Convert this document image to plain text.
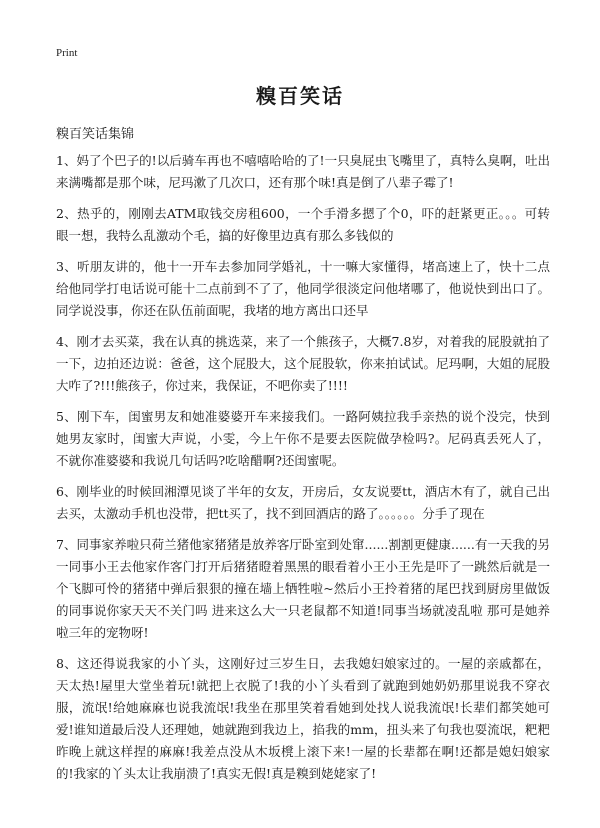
Print
糗百笑话

糗百笑话集锦

1、妈了个巴子的!以后骑车再也不嘻嘻哈哈的了!一只臭屁虫飞嘴里了，真特么臭啊，吐出来满嘴都是那个味，尼玛漱了几次口，还有那个味!真是倒了八辈子霉了!

2、热乎的，刚刚去ATM取钱交房租600，一个手滑多摁了个0，吓的赶紧更正。。。可转眼一想，我特么乱激动个毛，搞的好像里边真有那么多钱似的

3、听朋友讲的，他十一开车去参加同学婚礼，十一嘛大家懂得，堵高速上了，快十二点给他同学打电话说可能十二点前到不了了，他同学很淡定问他堵哪了，他说快到出口了。同学说没事，你还在队伍前面呢，我堵的地方离出口还早

4、刚才去买菜，我在认真的挑选菜，来了一个熊孩子，大概7.8岁，对着我的屁股就拍了一下，边拍还边说：爸爸，这个屁股大，这个屁股软，你来拍试试。尼玛啊，大姐的屁股大咋了?!!!熊孩子，你过来，我保证，不吧你卖了!!!!

5、刚下车，闺蜜男友和她准婆婆开车来接我们。一路阿姨拉我手亲热的说个没完，快到她男友家时，闺蜜大声说，小雯，今上午你不是要去医院做孕检吗?。尼码真丢死人了，不就你准婆婆和我说几句话吗?吃啥醋啊?还闺蜜呢。

6、刚毕业的时候回湘潭见谈了半年的女友，开房后，女友说要tt，酒店木有了，就自己出去买，太激动手机也没带，把tt买了，找不到回酒店的路了。。。。。。分手了现在

7、同事家养啦只荷兰猪他家猪猪是放养客厅卧室到处窜......割割更健康......有一天我的另一同事小王去他家作客门打开后猪猪瞪着黑黑的眼看着小王小王先是吓了一跳然后就是一个飞脚可怜的猪猪中弹后狠狠的撞在墙上牺牲啦~然后小王拎着猪的尾巴找到厨房里做饭的同事说你家天天不关门吗 进来这么大一只老鼠都不知道!同事当场就凌乱啦 那可是她养啦三年的宠物呀!

8、这还得说我家的小丫头，这刚好过三岁生日，去我媳妇娘家过的。一屋的亲戚都在，天太热!屋里大堂坐着玩!就把上衣脱了!我的小丫头看到了就跑到她奶奶那里说我不穿衣服，流氓!给她麻麻也说我流氓!我坐在那里笑着看她到处找人说我流氓!长辈们都笑她可爱!谁知道最后没人还理她，她就跑到我边上，掐我的mm，扭头来了句我也耍流氓，粑粑昨晚上就这样捏的麻麻!我差点没从木坂櫈上滚下来!一屋的长辈都在啊!还都是媳妇娘家的!我家的丫头太让我崩溃了!真实无假!真是糗到姥姥家了!
